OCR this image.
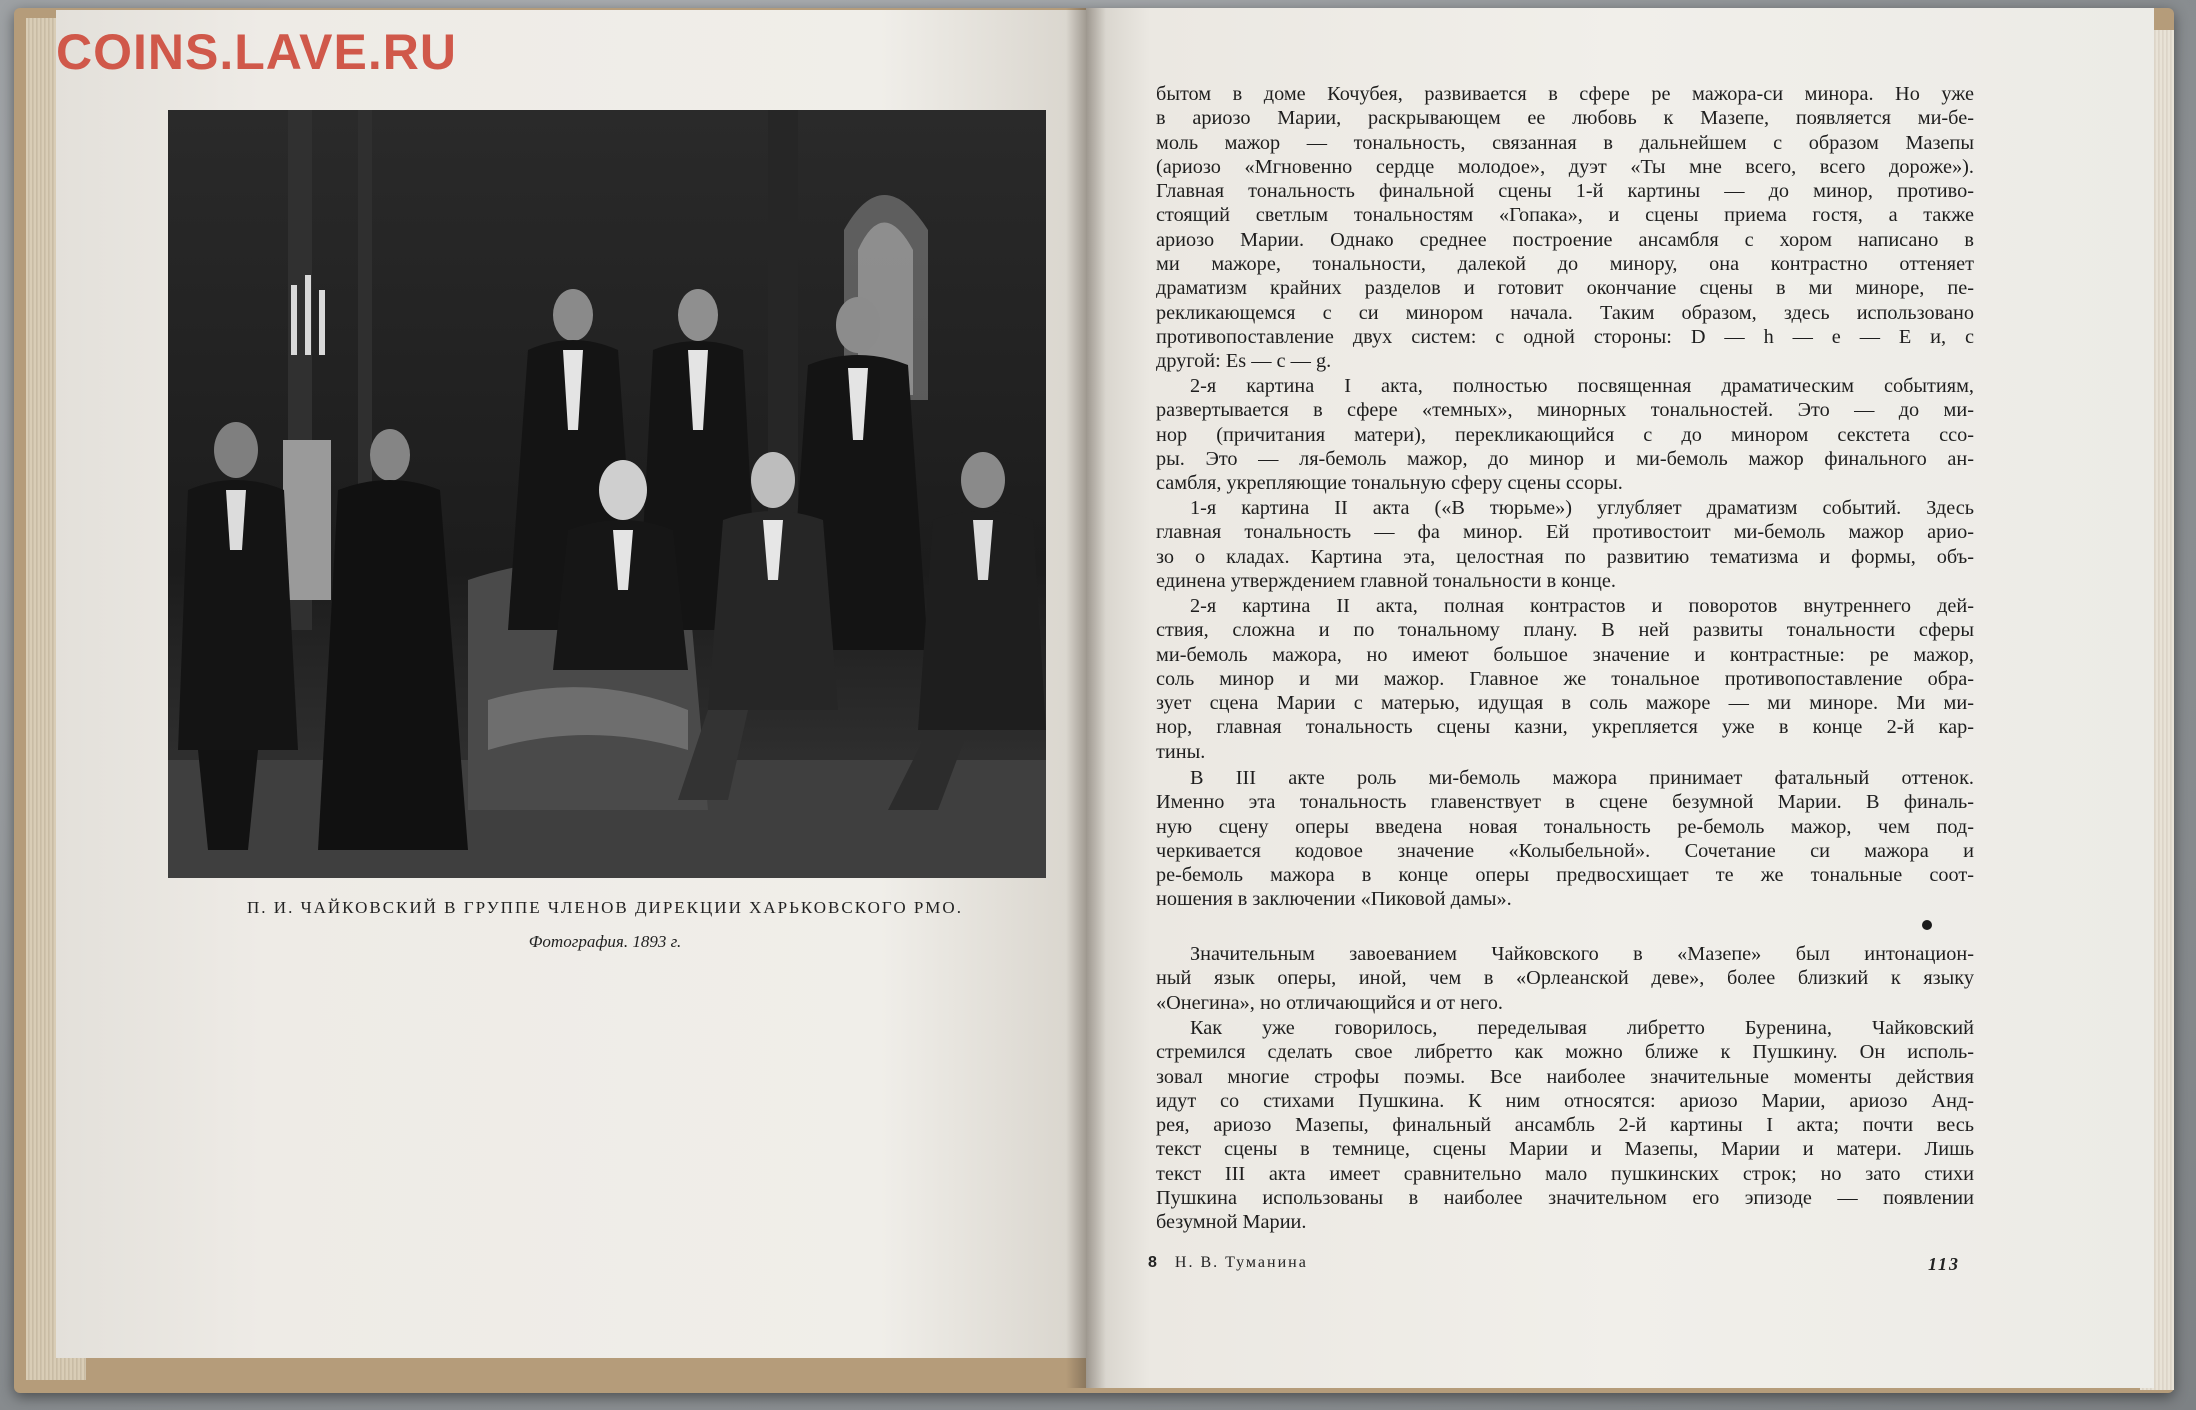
COINS.LAVE.RU
П. И. ЧАЙКОВСКИЙ В ГРУППЕ ЧЛЕНОВ ДИРЕКЦИИ ХАРЬКОВСКОГО РМО.
Фотография. 1893 г.
бытом в доме Кочубея, развивается в сфере ре мажора-си минора. Но уже
в ариозо Марии, раскрывающем ее любовь к Мазепе, появляется ми-бе-
моль мажор — тональность, связанная в дальнейшем с образом Мазепы
(ариозо «Мгновенно сердце молодое», дуэт «Ты мне всего, всего дороже»).
Главная тональность финальной сцены 1-й картины — до минор, противо-
стоящий светлым тональностям «Гопака», и сцены приема гостя, а также
ариозо Марии. Однако среднее построение ансамбля с хором написано в
ми мажоре, тональности, далекой до минору, она контрастно оттеняет
драматизм крайних разделов и готовит окончание сцены в ми миноре, пе-
рекликающемся с си минором начала. Таким образом, здесь использовано
противопоставление двух систем: с одной стороны: D — h — e — E и, с
другой: Es — c — g.
2-я картина I акта, полностью посвященная драматическим событиям,
развертывается в сфере «темных», минорных тональностей. Это — до ми-
нор (причитания матери), перекликающийся с до минором секстета ссо-
ры. Это — ля-бемоль мажор, до минор и ми-бемоль мажор финального ан-
самбля, укрепляющие тональную сферу сцены ссоры.
1-я картина II акта («В тюрьме») углубляет драматизм событий. Здесь
главная тональность — фа минор. Ей противостоит ми-бемоль мажор арио-
зо о кладах. Картина эта, целостная по развитию тематизма и формы, объ-
единена утверждением главной тональности в конце.
2-я картина II акта, полная контрастов и поворотов внутреннего дей-
ствия, сложна и по тональному плану. В ней развиты тональности сферы
ми-бемоль мажора, но имеют большое значение и контрастные: ре мажор,
соль минор и ми мажор. Главное же тональное противопоставление обра-
зует сцена Марии с матерью, идущая в соль мажоре — ми миноре. Ми ми-
нор, главная тональность сцены казни, укрепляется уже в конце 2-й кар-
тины.
В III акте роль ми-бемоль мажора принимает фатальный оттенок.
Именно эта тональность главенствует в сцене безумной Марии. В финаль-
ную сцену оперы введена новая тональность ре-бемоль мажор, чем под-
черкивается кодовое значение «Колыбельной». Сочетание си мажора и
ре-бемоль мажора в конце оперы предвосхищает те же тональные соот-
ношения в заключении «Пиковой дамы».
Значительным завоеванием Чайковского в «Мазепе» был интонацион-
ный язык оперы, иной, чем в «Орлеанской деве», более близкий к языку
«Онегина», но отличающийся и от него.
Как уже говорилось, переделывая либретто Буренина, Чайковский
стремился сделать свое либретто как можно ближе к Пушкину. Он исполь-
зовал многие строфы поэмы. Все наиболее значительные моменты действия
идут со стихами Пушкина. К ним относятся: ариозо Марии, ариозо Анд-
рея, ариозо Мазепы, финальный ансамбль 2-й картины I акта; почти весь
текст сцены в темнице, сцены Марии и Мазепы, Марии и матери. Лишь
текст III акта имеет сравнительно мало пушкинских строк; но зато стихи
Пушкина использованы в наиболее значительном его эпизоде — появлении
безумной Марии.
8 Н. В. Туманина	113
